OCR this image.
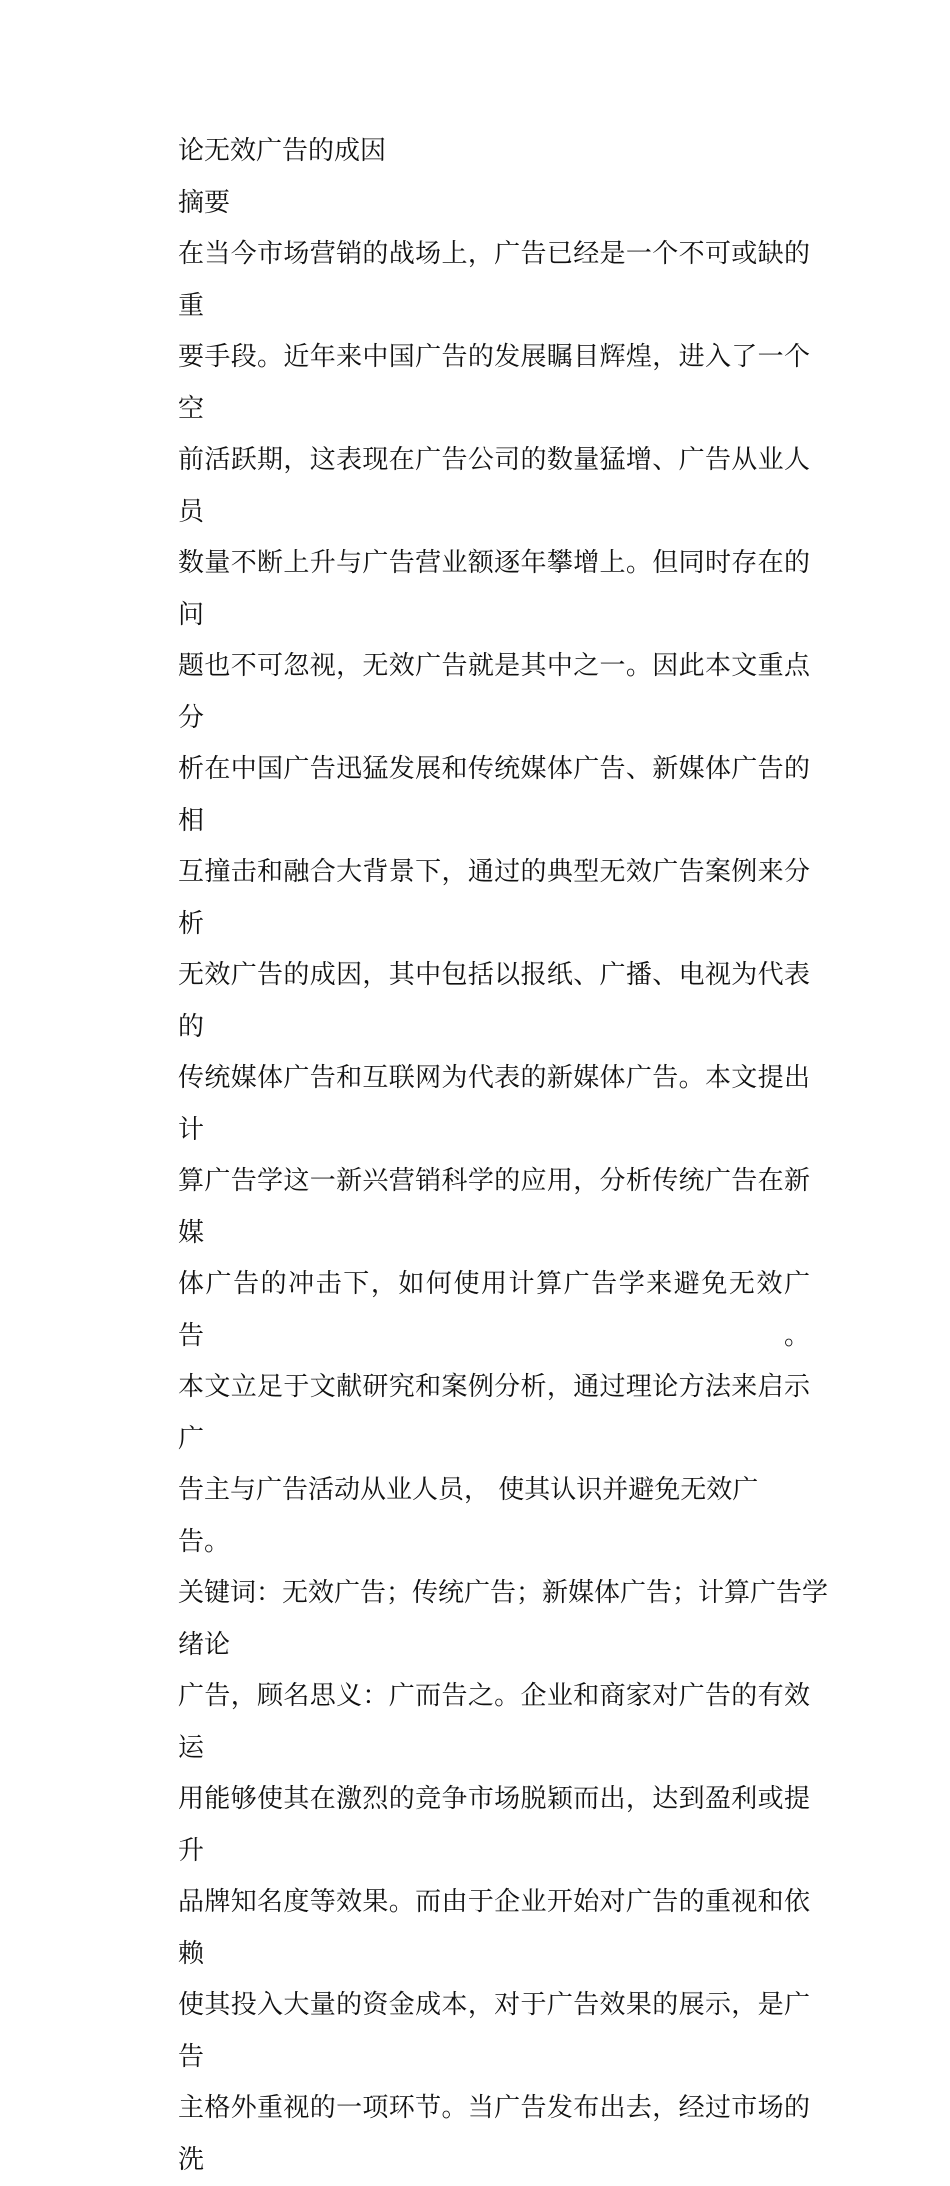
论无效广告的成因

摘要

在当今市场营销的战场上，广告已经是一个不可或缺的重

要手段。近年来中国广告的发展瞩目辉煌，进入了一个空

前活跃期，这表现在广告公司的数量猛增、广告从业人员

数量不断上升与广告营业额逐年攀增上。但同时存在的问

题也不可忽视，无效广告就是其中之一。因此本文重点分

析在中国广告迅猛发展和传统媒体广告、新媒体广告的相

互撞击和融合大背景下，通过的典型无效广告案例来分析

无效广告的成因，其中包括以报纸、广播、电视为代表的

传统媒体广告和互联网为代表的新媒体广告。本文提出计

算广告学这一新兴营销科学的应用，分析传统广告在新媒

体广告的冲击下，如何使用计算广告学来避免无效广告。

本文立足于文献研究和案例分析，通过理论方法来启示广

告主与广告活动从业人员， 使其认识并避免无效广告。

关键词：无效广告；传统广告；新媒体广告；计算广告学

绪论

广告，顾名思义：广而告之。企业和商家对广告的有效运

用能够使其在激烈的竞争市场脱颖而出，达到盈利或提升

品牌知名度等效果。而由于企业开始对广告的重视和依赖

使其投入大量的资金成本，对于广告效果的展示，是广告

主格外重视的一项环节。当广告发布出去，经过市场的洗
